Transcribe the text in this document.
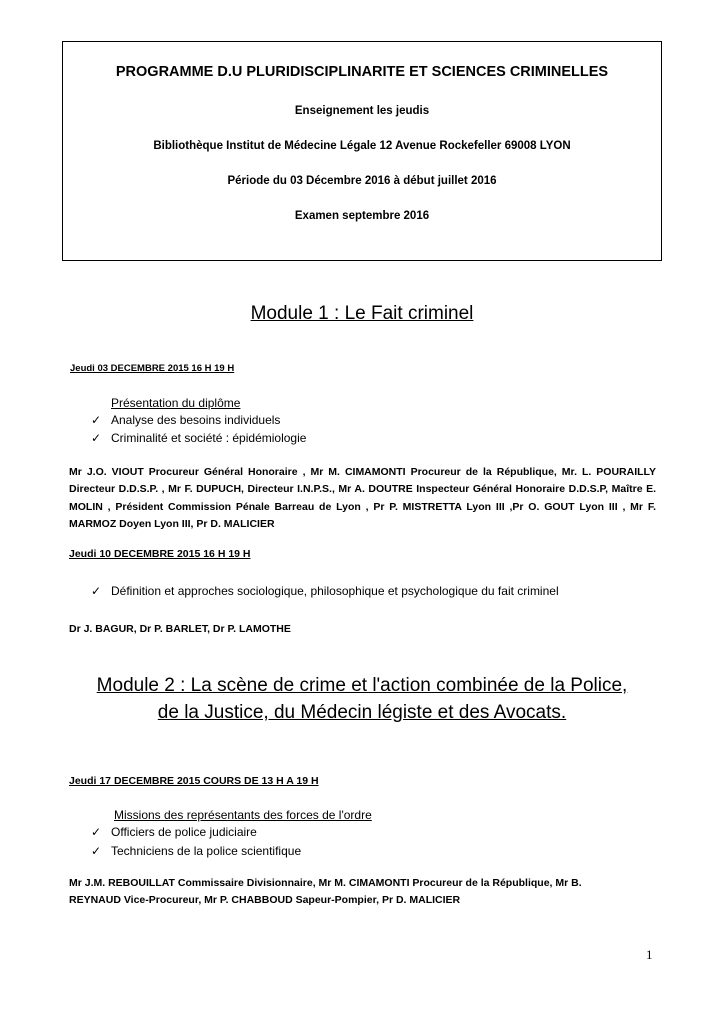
PROGRAMME D.U PLURIDISCIPLINARITE ET SCIENCES CRIMINELLES
Enseignement les jeudis
Bibliothèque Institut de Médecine Légale 12 Avenue Rockefeller 69008 LYON
Période du 03 Décembre 2016 à début juillet 2016
Examen septembre 2016
Module 1 : Le Fait criminel
Jeudi 03 DECEMBRE 2015 16 H 19 H
Présentation du diplôme
✓ Analyse des besoins individuels
✓ Criminalité et société : épidémiologie
Mr J.O. VIOUT Procureur Général Honoraire , Mr M. CIMAMONTI Procureur de la République, Mr. L. POURAILLY Directeur D.D.S.P. , Mr F. DUPUCH, Directeur I.N.P.S., Mr A. DOUTRE Inspecteur Général Honoraire D.D.S.P, Maître E. MOLIN , Président Commission Pénale Barreau de Lyon , Pr P. MISTRETTA Lyon III ,Pr O. GOUT Lyon III , Mr F. MARMOZ Doyen Lyon III, Pr D. MALICIER
Jeudi 10 DECEMBRE 2015 16 H 19 H
✓ Définition et approches sociologique, philosophique et psychologique du fait criminel
Dr J. BAGUR, Dr P. BARLET, Dr P. LAMOTHE
Module 2 : La scène de crime et l'action combinée de la Police,
de la Justice, du Médecin légiste et des Avocats.
Jeudi 17 DECEMBRE 2015 COURS DE 13 H A 19 H
Missions des représentants des forces de l'ordre
✓ Officiers de police judiciaire
✓ Techniciens de la police scientifique
Mr J.M. REBOUILLAT Commissaire Divisionnaire, Mr M. CIMAMONTI Procureur de la République, Mr B.
REYNAUD Vice-Procureur, Mr P. CHABBOUD Sapeur-Pompier, Pr D. MALICIER
1
